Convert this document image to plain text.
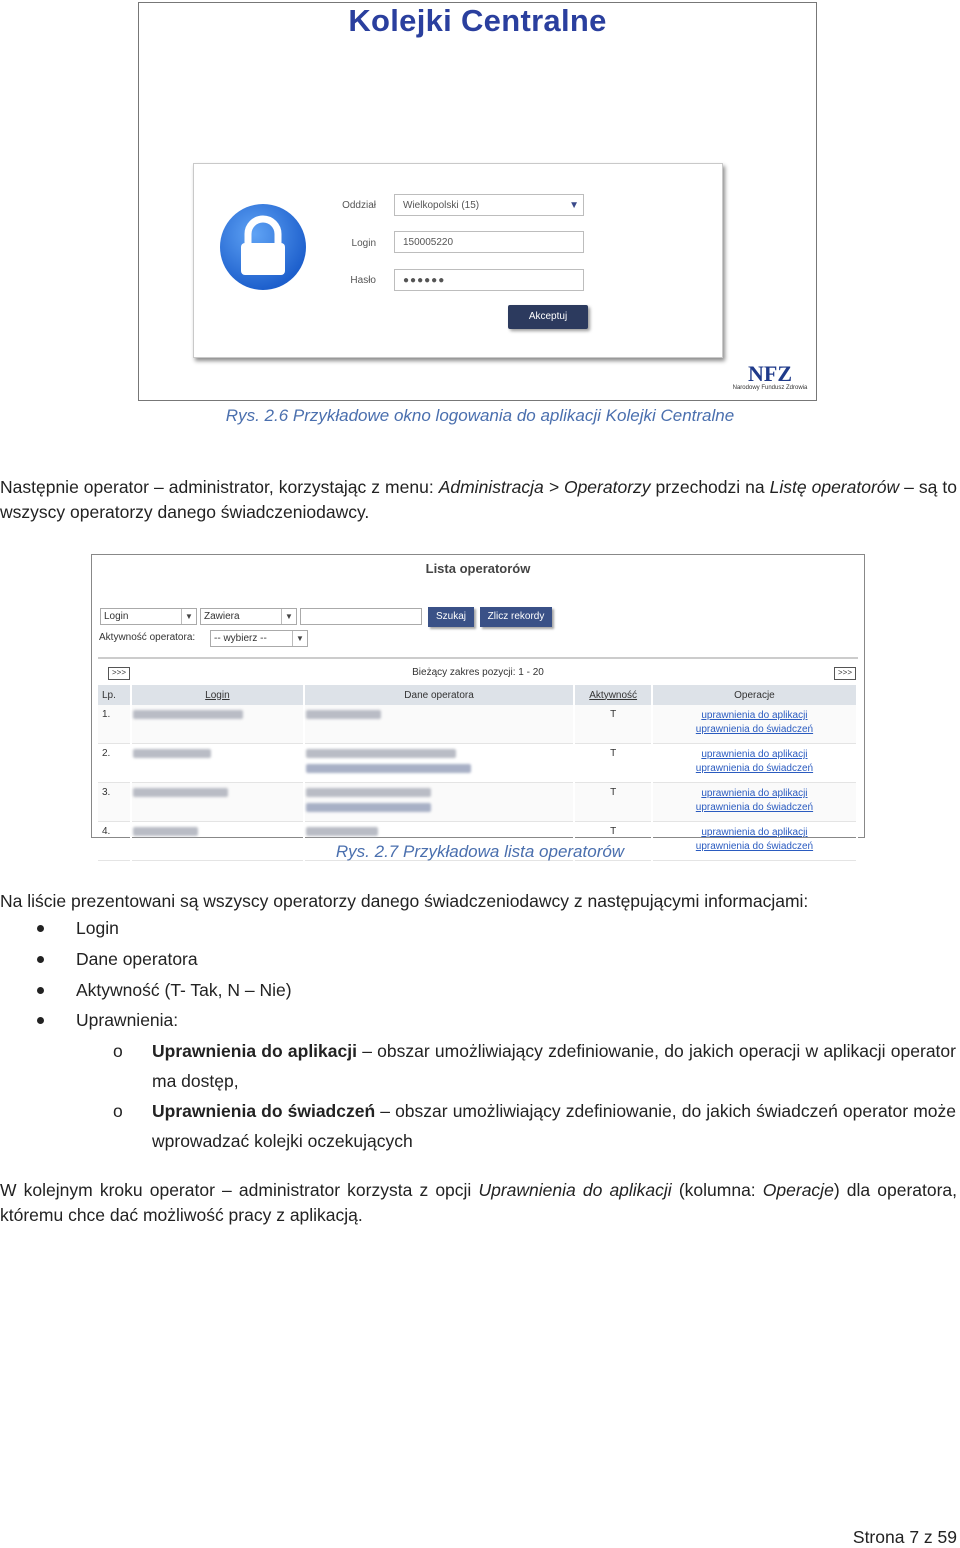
Kolejki Centralne
Oddział	Wielkopolski (15)	▼
Login	150005220
Hasło	●●●●●●
Akceptuj
NFZ
Narodowy Fundusz Zdrowia
Rys. 2.6 Przykładowe okno logowania do aplikacji Kolejki Centralne
Następnie operator – administrator, korzystając z menu: Administracja > Operatorzy przechodzi na Listę operatorów – są to wszyscy operatorzy danego świadczeniodawcy.
Lista operatorów
Login	▼	Zawiera	▼	Szukaj	Zlicz rekordy
Aktywność operatora:	-- wybierz --	▼
>>>	Bieżący zakres pozycji: 1 - 20	>>>
Lp.	Login	Dane operatora	Aktywność	Operacje
1.			T	uprawnienia do aplikacji
uprawnienia do świadczeń

2.			T	uprawnienia do aplikacji
uprawnienia do świadczeń

3.			T	uprawnienia do aplikacji
uprawnienia do świadczeń

4.			T	uprawnienia do aplikacji
uprawnienia do świadczeń
Rys. 2.7 Przykładowa lista operatorów
Na liście prezentowani są wszyscy operatorzy danego świadczeniodawcy z następującymi informacjami:
Login
Dane operatora
Aktywność (T- Tak, N – Nie)
Uprawnienia:
o Uprawnienia do aplikacji – obszar umożliwiający zdefiniowanie, do jakich operacji w aplikacji operator ma dostęp,
o Uprawnienia do świadczeń – obszar umożliwiający zdefiniowanie, do jakich świadczeń operator może wprowadzać kolejki oczekujących
W kolejnym kroku operator – administrator korzysta z opcji Uprawnienia do aplikacji (kolumna: Operacje) dla operatora, któremu chce dać możliwość pracy z aplikacją.
Strona 7 z 59
